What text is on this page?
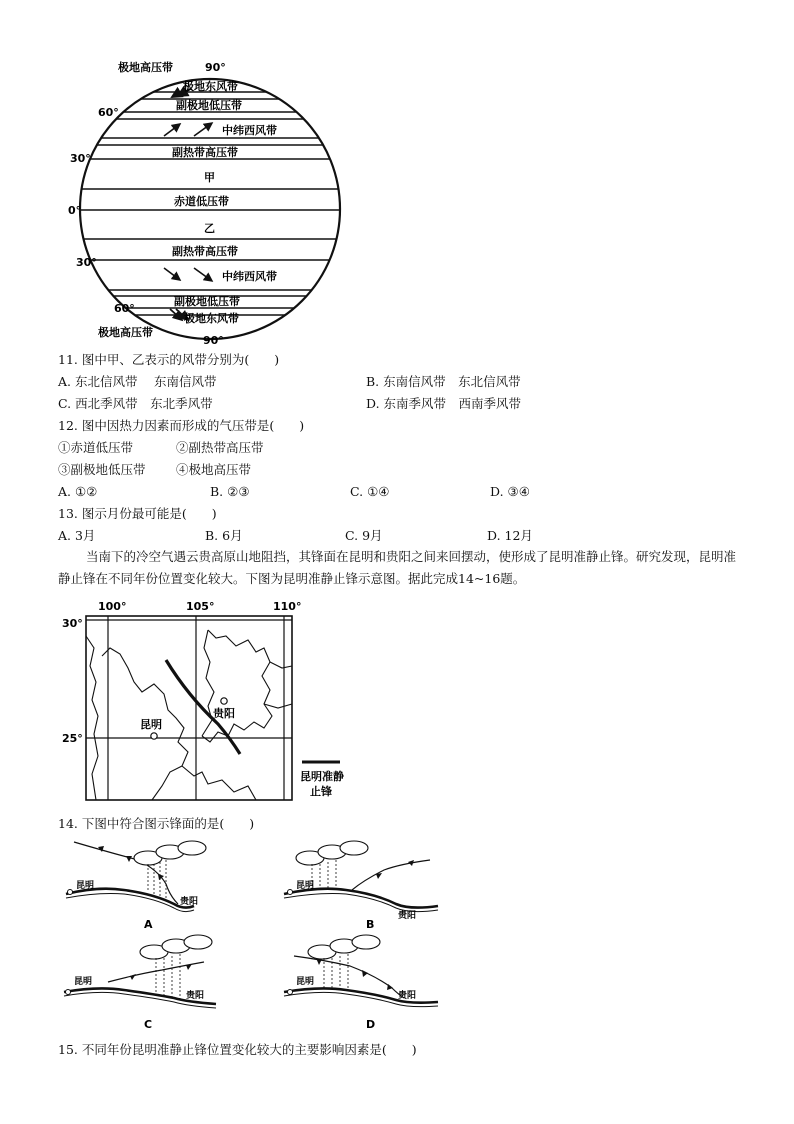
90°
极地高压带
60°
30°
0°
30°
60°
极地高压带
90°
极地东风带
副极地低压带
中纬西风带
副热带高压带
甲
赤道低压带
乙
副热带高压带
中纬西风带
副极地低压带
极地东风带
11. 图中甲、乙表示的风带分别为(　　)
A. 东北信风带　 东南信风带	B. 东南信风带　东北信风带
C. 西北季风带　东北季风带	D. 东南季风带　西南季风带
12. 图中因热力因素而形成的气压带是(　　)
①赤道低压带	②副热带高压带
③副极地低压带 ④极地高压带
A. ①②	B. ②③	C. ①④	D. ③④
13. 图示月份最可能是(　　)
A. 3月	B. 6月	C. 9月	D. 12月
当南下的冷空气遇云贵高原山地阻挡，其锋面在昆明和贵阳之间来回摆动，使形成了昆明准静止锋。研究发现，昆明准静止锋在不同年份位置变化较大。下图为昆明准静止锋示意图。据此完成14~16题。
100°	105°	110°
30°
25°
昆明
贵阳
昆明准静
止锋
14. 下图中符合图示锋面的是(　　)
昆明
贵阳
A
昆明
贵阳
B
昆明
贵阳
C
昆明
贵阳
D
15. 不同年份昆明准静止锋位置变化较大的主要影响因素是(　　)
